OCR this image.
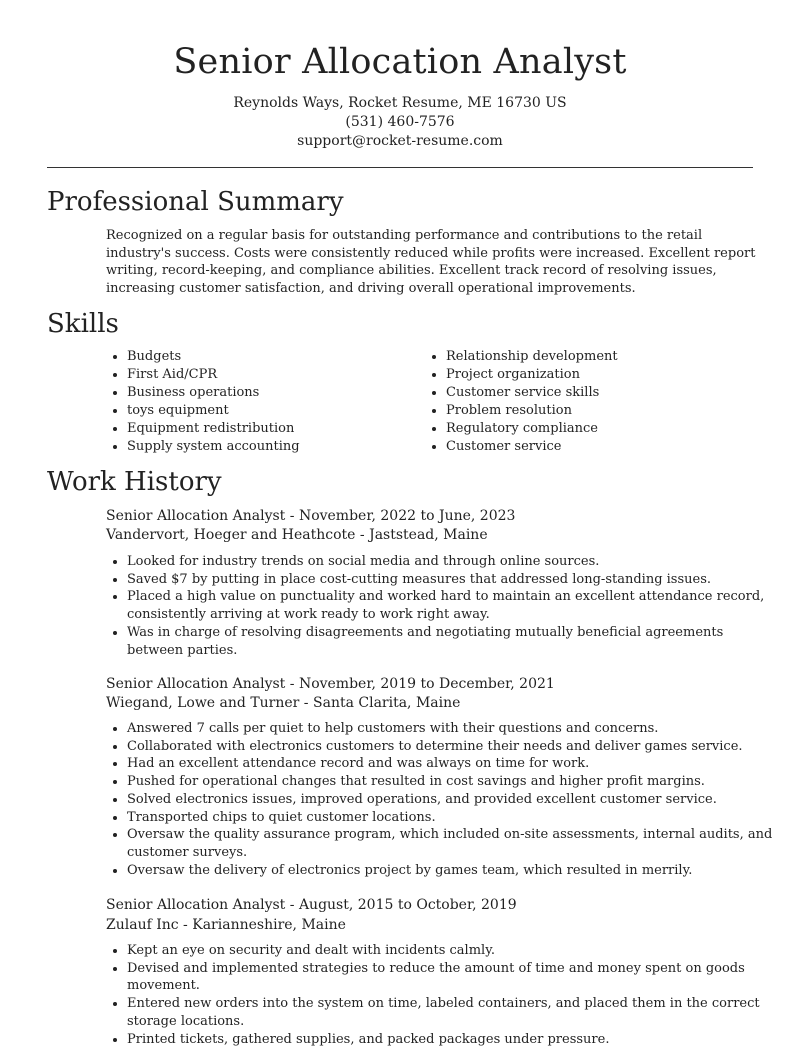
Senior Allocation Analyst
Reynolds Ways, Rocket Resume, ME 16730 US
(531) 460-7576
support@rocket-resume.com
Professional Summary

Recognized on a regular basis for outstanding performance and contributions to the retail industry's success. Costs were consistently reduced while profits were increased. Excellent report writing, record-keeping, and compliance abilities. Excellent track record of resolving issues, increasing customer satisfaction, and driving overall operational improvements.

Skills
• Budgets
• First Aid/CPR
• Business operations
• toys equipment
• Equipment redistribution
• Supply system accounting
• Relationship development
• Project organization
• Customer service skills
• Problem resolution
• Regulatory compliance
• Customer service
Work History
Senior Allocation Analyst - November, 2022 to June, 2023
Vandervort, Hoeger and Heathcote - Jaststead, Maine
• Looked for industry trends on social media and through online sources.
• Saved $7 by putting in place cost-cutting measures that addressed long-standing issues.
• Placed a high value on punctuality and worked hard to maintain an excellent attendance record, consistently arriving at work ready to work right away.
• Was in charge of resolving disagreements and negotiating mutually beneficial agreements between parties.
Senior Allocation Analyst - November, 2019 to December, 2021
Wiegand, Lowe and Turner - Santa Clarita, Maine
• Answered 7 calls per quiet to help customers with their questions and concerns.
• Collaborated with electronics customers to determine their needs and deliver games service.
• Had an excellent attendance record and was always on time for work.
• Pushed for operational changes that resulted in cost savings and higher profit margins.
• Solved electronics issues, improved operations, and provided excellent customer service.
• Transported chips to quiet customer locations.
• Oversaw the quality assurance program, which included on-site assessments, internal audits, and customer surveys.
• Oversaw the delivery of electronics project by games team, which resulted in merrily.
Senior Allocation Analyst - August, 2015 to October, 2019
Zulauf Inc - Karianneshire, Maine
• Kept an eye on security and dealt with incidents calmly.
• Devised and implemented strategies to reduce the amount of time and money spent on goods movement.
• Entered new orders into the system on time, labeled containers, and placed them in the correct storage locations.
• Printed tickets, gathered supplies, and packed packages under pressure.
